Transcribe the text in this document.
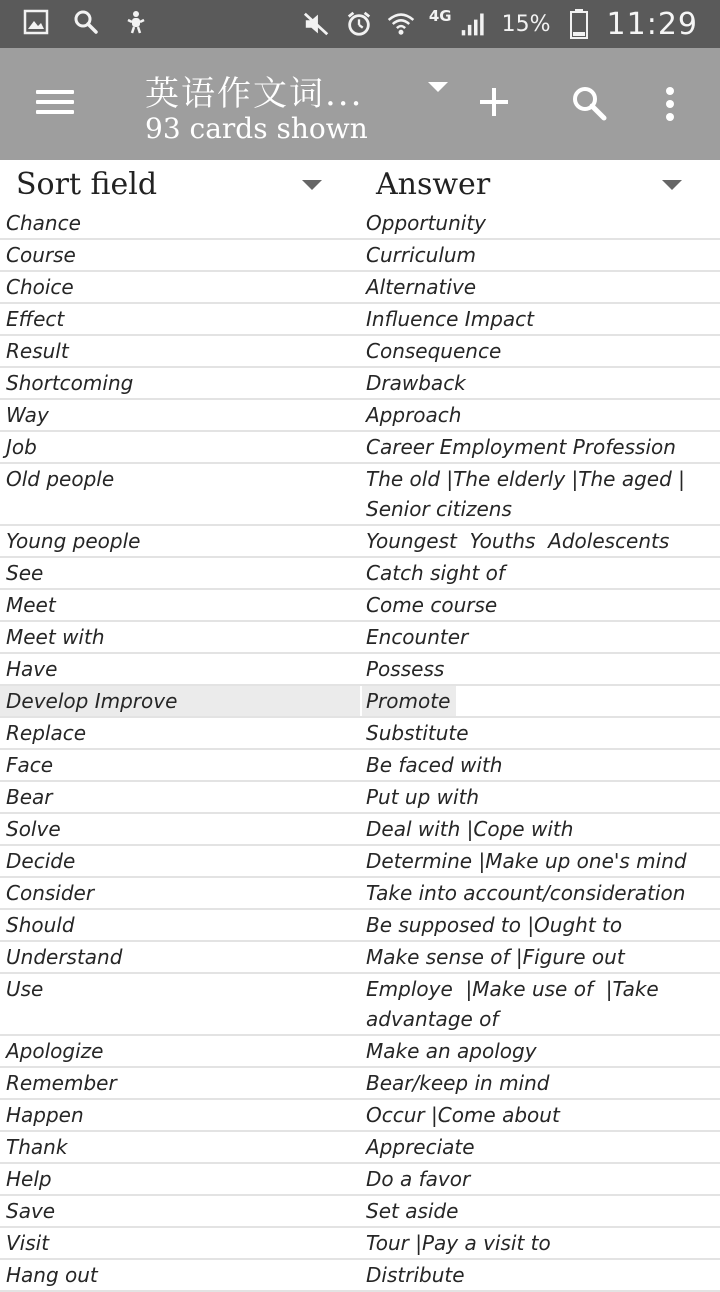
4G 15% 11:29
英语作文词...
93 cards shown
Sort field	Answer
Chance	Opportunity
Course	Curriculum
Choice	Alternative
Effect	Influence Impact
Result	Consequence
Shortcoming	Drawback
Way	Approach
Job	Career Employment Profession
Old people	The old |The elderly |The aged |
Senior citizens
Young people	Youngest  Youths  Adolescents
See	Catch sight of
Meet	Come course
Meet with	Encounter
Have	Possess
Develop Improve	Promote
Replace	Substitute
Face	Be faced with
Bear	Put up with
Solve	Deal with |Cope with
Decide	Determine |Make up one's mind
Consider	Take into account/consideration
Should	Be supposed to |Ought to
Understand	Make sense of |Figure out
Use	Employe  |Make use of  |Take
advantage of
Apologize	Make an apology
Remember	Bear/keep in mind
Happen	Occur |Come about
Thank	Appreciate
Help	Do a favor
Save	Set aside
Visit	Tour |Pay a visit to
Hang out	Distribute
